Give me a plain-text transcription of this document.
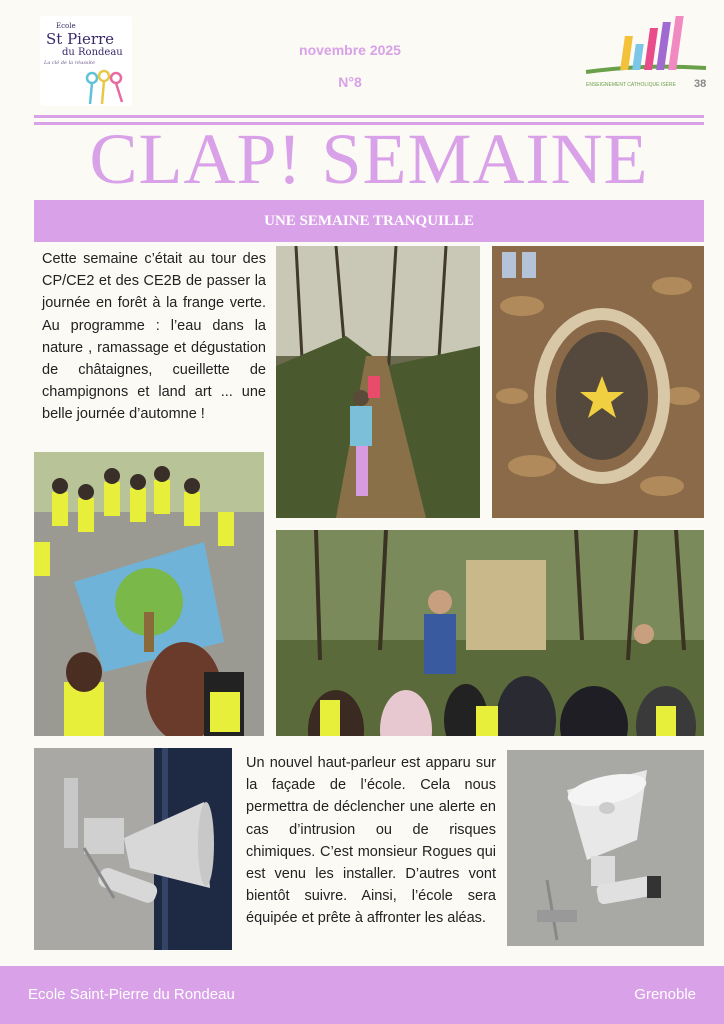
Ecole
St Pierre
du Rondeau
La clé de la réussite
novembre 2025
N°8	ENSEIGNEMENT CATHOLIQUE ISÈRE 38
CLAP! SEMAINE
UNE SEMAINE TRANQUILLE
Cette semaine c’était au tour des CP/CE2 et des CE2B de passer la journée en forêt à la frange verte. Au programme : l’eau dans la nature , ramassage et dégustation de châtaignes, cueillette de champignons et land art ... une belle journée d’automne !
Un nouvel haut-parleur est apparu sur la façade de l’école. Cela nous permettra de déclencher une alerte en cas d’intrusion ou de risques chimiques. C’est monsieur Rogues qui est venu les installer. D’autres vont bientôt suivre. Ainsi, l’école sera équipée et prête à affronter les aléas.
Ecole Saint-Pierre du Rondeau	Grenoble
